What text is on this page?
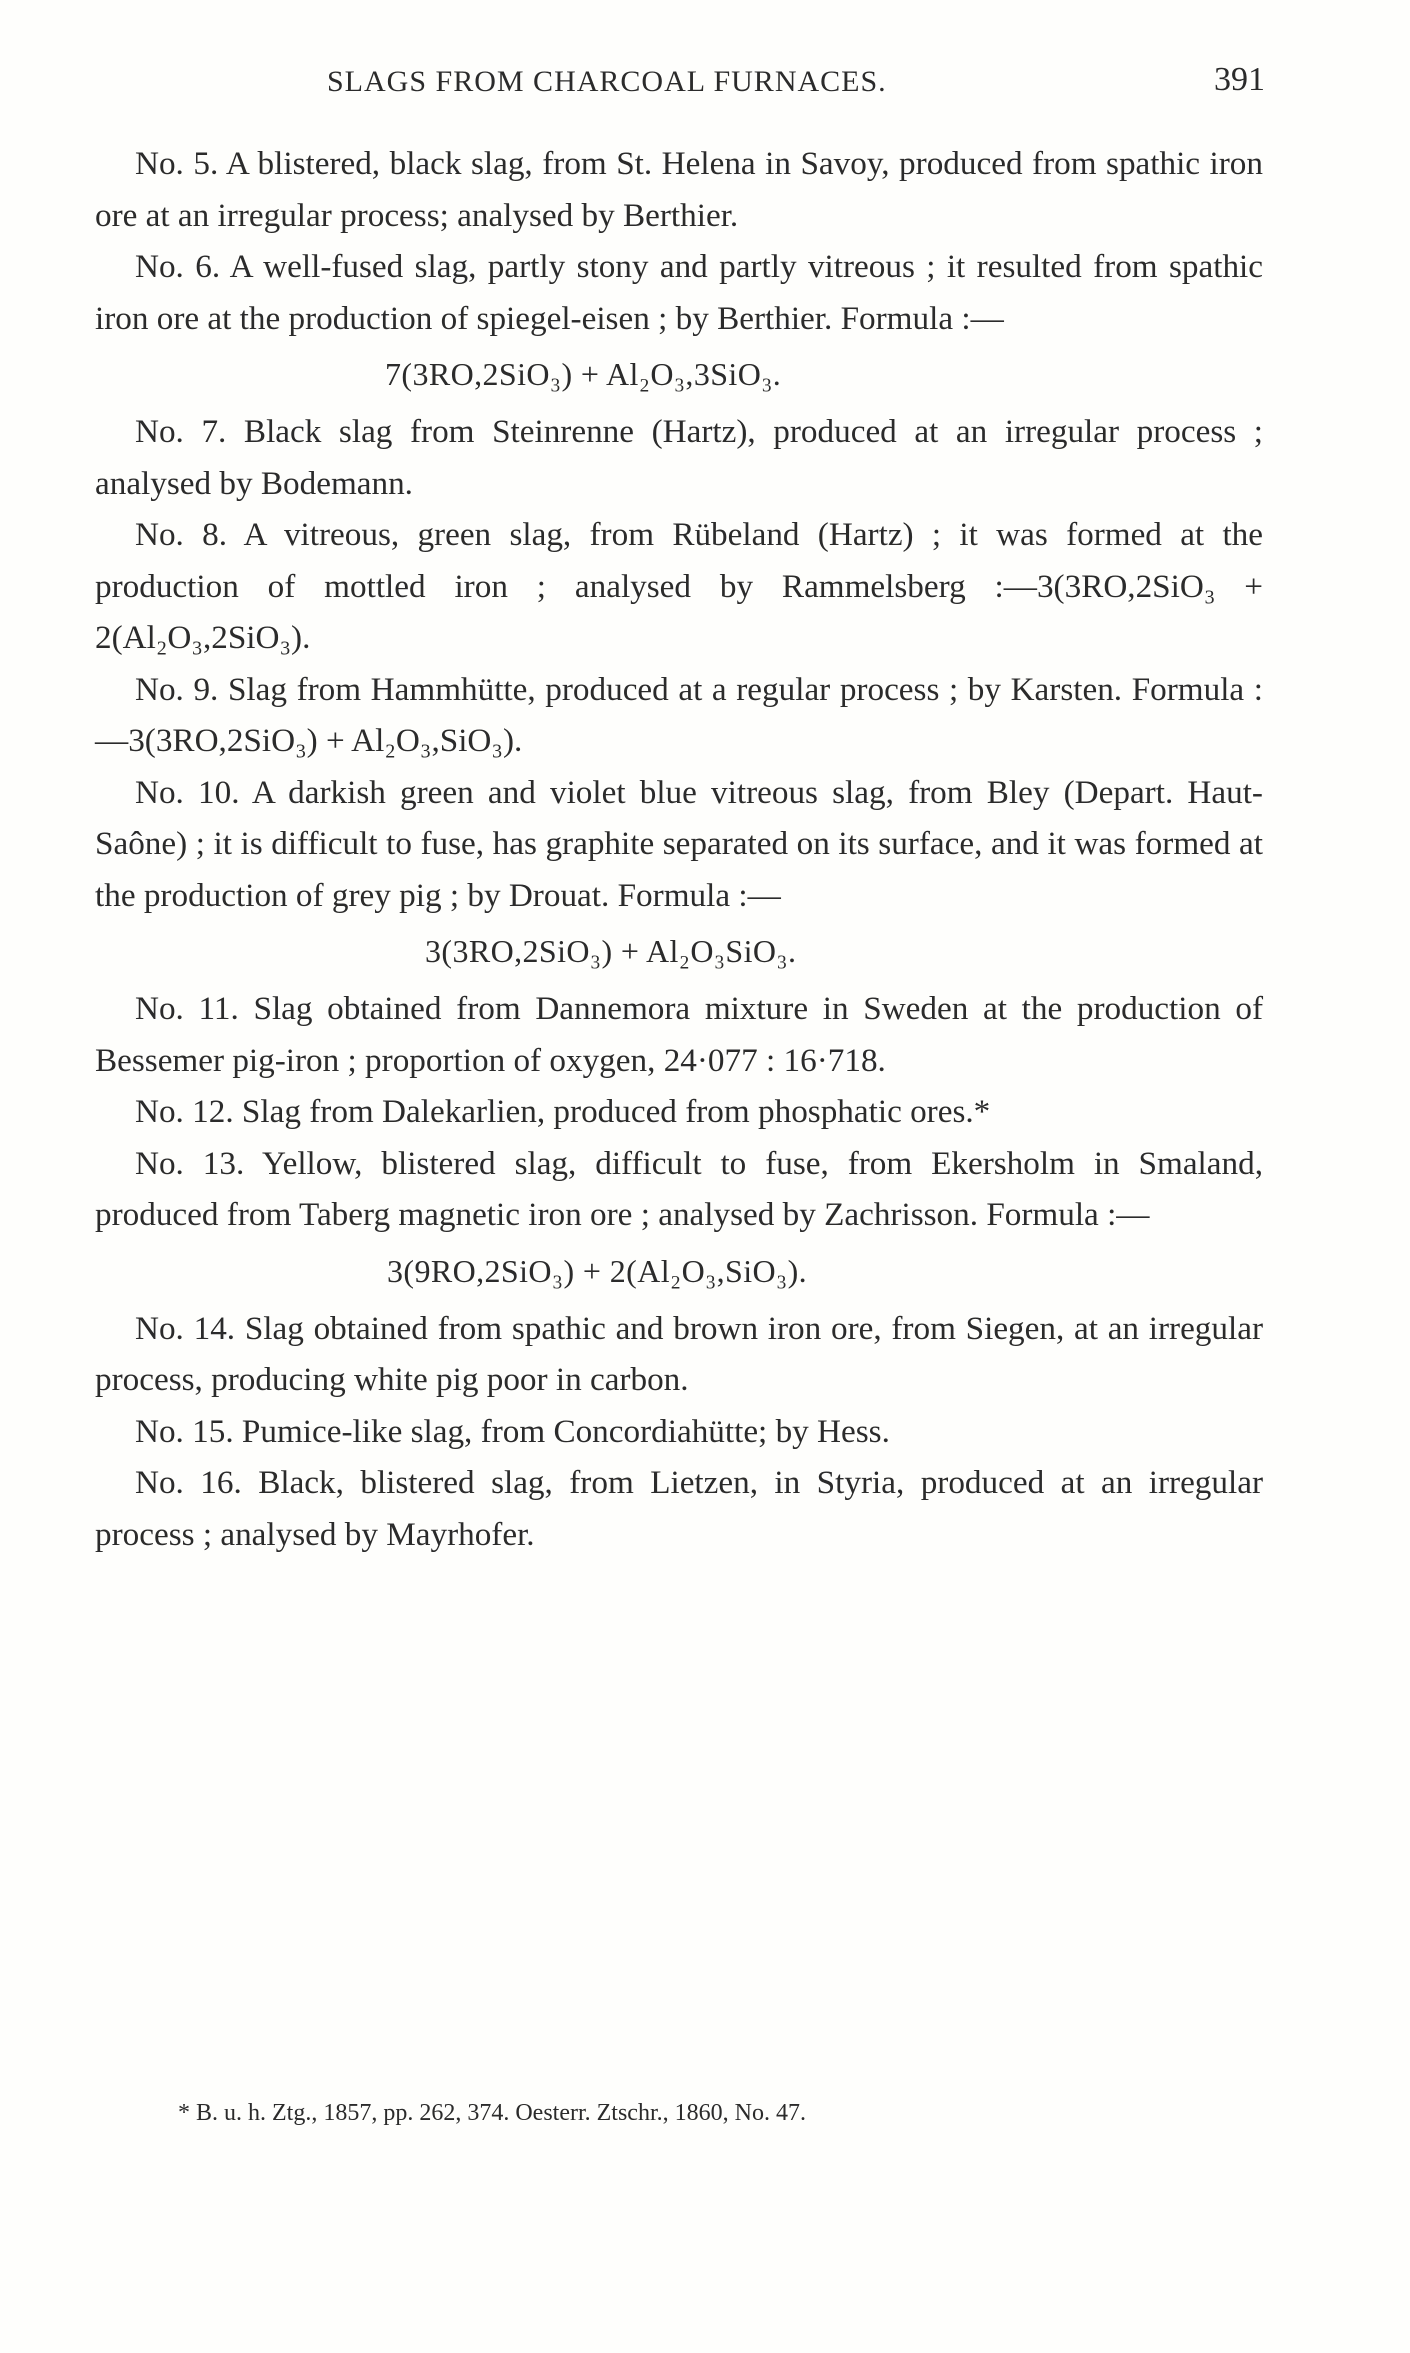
SLAGS FROM CHARCOAL FURNACES.	391

No. 5. A blistered, black slag, from St. Helena in Savoy, produced from spathic iron ore at an irregular process; analysed by Berthier.

No. 6. A well-fused slag, partly stony and partly vitreous ; it resulted from spathic iron ore at the production of spiegel-eisen ; by Berthier. Formula :—

7(3RO,2SiO₃) + Al₂O₃,3SiO₃.

No. 7. Black slag from Steinrenne (Hartz), produced at an irregular process ; analysed by Bodemann.

No. 8. A vitreous, green slag, from Rübeland (Hartz) ; it was formed at the production of mottled iron ; analysed by Rammelsberg :—3(3RO,2SiO₃ + 2(Al₂O₃,2SiO₃).

No. 9. Slag from Hammhütte, produced at a regular process ; by Karsten. Formula :—3(3RO,2SiO₃) + Al₂O₃,SiO₃).

No. 10. A darkish green and violet blue vitreous slag, from Bley (Depart. Haut-Saône) ; it is difficult to fuse, has graphite separated on its surface, and it was formed at the production of grey pig ; by Drouat. Formula :—

3(3RO,2SiO₃) + Al₂O₃SiO₃.

No. 11. Slag obtained from Dannemora mixture in Sweden at the production of Bessemer pig-iron ; proportion of oxygen, 24·077 : 16·718.

No. 12. Slag from Dalekarlien, produced from phosphatic ores.*

No. 13. Yellow, blistered slag, difficult to fuse, from Ekersholm in Smaland, produced from Taberg magnetic iron ore ; analysed by Zachrisson. Formula :—

3(9RO,2SiO₃) + 2(Al₂O₃,SiO₃).

No. 14. Slag obtained from spathic and brown iron ore, from Siegen, at an irregular process, producing white pig poor in carbon.

No. 15. Pumice-like slag, from Concordiahütte; by Hess.

No. 16. Black, blistered slag, from Lietzen, in Styria, produced at an irregular process ; analysed by Mayrhofer.

* B. u. h. Ztg., 1857, pp. 262, 374. Oesterr. Ztschr., 1860, No. 47.
